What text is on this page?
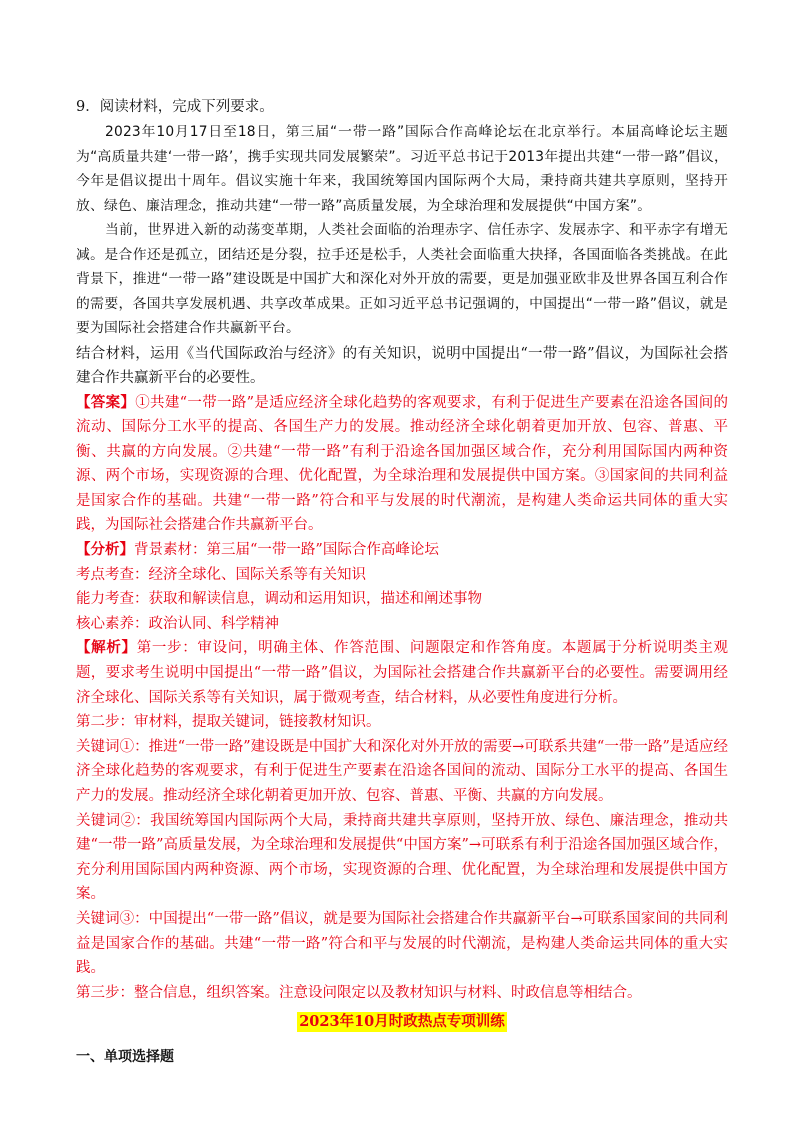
9．阅读材料，完成下列要求。

2023年10月17日至18日，第三届“一带一路”国际合作高峰论坛在北京举行。本届高峰论坛主题为“高质量共建‘一带一路’，携手实现共同发展繁荣”。习近平总书记于2013年提出共建“一带一路”倡议，今年是倡议提出十周年。倡议实施十年来，我国统筹国内国际两个大局，秉持商共建共享原则，坚持开放、绿色、廉洁理念，推动共建“一带一路”高质量发展，为全球治理和发展提供“中国方案”。

当前，世界进入新的动荡变革期，人类社会面临的治理赤字、信任赤字、发展赤字、和平赤字有增无减。是合作还是孤立，团结还是分裂，拉手还是松手，人类社会面临重大抉择，各国面临各类挑战。在此背景下，推进“一带一路”建设既是中国扩大和深化对外开放的需要，更是加强亚欧非及世界各国互利合作的需要，各国共享发展机遇、共享改革成果。正如习近平总书记强调的，中国提出“一带一路”倡议，就是要为国际社会搭建合作共赢新平台。

结合材料，运用《当代国际政治与经济》的有关知识，说明中国提出“一带一路”倡议，为国际社会搭建合作共赢新平台的必要性。

【答案】①共建“一带一路”是适应经济全球化趋势的客观要求，有利于促进生产要素在沿途各国间的流动、国际分工水平的提高、各国生产力的发展。推动经济全球化朝着更加开放、包容、普惠、平衡、共赢的方向发展。②共建“一带一路”有利于沿途各国加强区域合作，充分利用国际国内两种资源、两个市场，实现资源的合理、优化配置，为全球治理和发展提供中国方案。③国家间的共同利益是国家合作的基础。共建“一带一路”符合和平与发展的时代潮流，是构建人类命运共同体的重大实践，为国际社会搭建合作共赢新平台。

【分析】背景素材：第三届“一带一路”国际合作高峰论坛

考点考查：经济全球化、国际关系等有关知识

能力考查：获取和解读信息，调动和运用知识，描述和阐述事物

核心素养：政治认同、科学精神

【解析】第一步：审设问，明确主体、作答范围、问题限定和作答角度。本题属于分析说明类主观题，要求考生说明中国提出“一带一路”倡议，为国际社会搭建合作共赢新平台的必要性。需要调用经济全球化、国际关系等有关知识，属于微观考查，结合材料，从必要性角度进行分析。

第二步：审材料，提取关键词，链接教材知识。

关键词①：推进“一带一路”建设既是中国扩大和深化对外开放的需要→可联系共建“一带一路”是适应经济全球化趋势的客观要求，有利于促进生产要素在沿途各国间的流动、国际分工水平的提高、各国生产力的发展。推动经济全球化朝着更加开放、包容、普惠、平衡、共赢的方向发展。

关键词②：我国统筹国内国际两个大局，秉持商共建共享原则，坚持开放、绿色、廉洁理念，推动共建“一带一路”高质量发展，为全球治理和发展提供“中国方案”→可联系有利于沿途各国加强区域合作，充分利用国际国内两种资源、两个市场，实现资源的合理、优化配置，为全球治理和发展提供中国方案。

关键词③：中国提出“一带一路”倡议，就是要为国际社会搭建合作共赢新平台→可联系国家间的共同利益是国家合作的基础。共建“一带一路”符合和平与发展的时代潮流，是构建人类命运共同体的重大实践。

第三步：整合信息，组织答案。注意设问限定以及教材知识与材料、时政信息等相结合。

2023年10月时政热点专项训练
一、单项选择题
